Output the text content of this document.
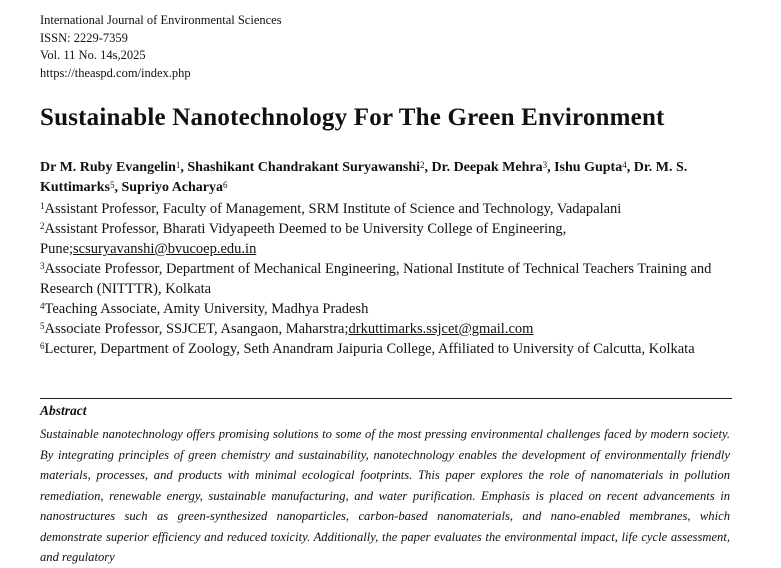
International Journal of Environmental Sciences
ISSN: 2229-7359
Vol. 11 No. 14s,2025
https://theaspd.com/index.php
Sustainable Nanotechnology For The Green Environment
Dr M. Ruby Evangelin$^1$, Shashikant Chandrakant Suryawanshi$^2$, Dr. Deepak Mehra$^3$, Ishu Gupta$^4$, Dr. M. S. Kuttimarks$^5$, Supriyo Acharya$^6$

$^1$Assistant Professor, Faculty of Management, SRM Institute of Science and Technology, Vadapalani

$^2$Assistant Professor, Bharati Vidyapeeth Deemed to be University College of Engineering, Pune;scsuryavanshi@bvucoep.edu.in

$^3$Associate Professor, Department of Mechanical Engineering, National Institute of Technical Teachers Training and Research (NITTTR), Kolkata

$^4$Teaching Associate, Amity University, Madhya Pradesh

$^5$Associate Professor, SSJCET, Asangaon, Maharstra;drkuttimarks.ssjcet@gmail.com

$^6$Lecturer, Department of Zoology, Seth Anandram Jaipuria College, Affiliated to University of Calcutta, Kolkata

Abstract
Sustainable nanotechnology offers promising solutions to some of the most pressing environmental challenges faced by modern society. By integrating principles of green chemistry and sustainability, nanotechnology enables the development of environmentally friendly materials, processes, and products with minimal ecological footprints. This paper explores the role of nanomaterials in pollution remediation, renewable energy, sustainable manufacturing, and water purification. Emphasis is placed on recent advancements in nanostructures such as green-synthesized nanoparticles, carbon-based nanomaterials, and nano-enabled membranes, which demonstrate superior efficiency and reduced toxicity. Additionally, the paper evaluates the environmental impact, life cycle assessment, and regulatory
